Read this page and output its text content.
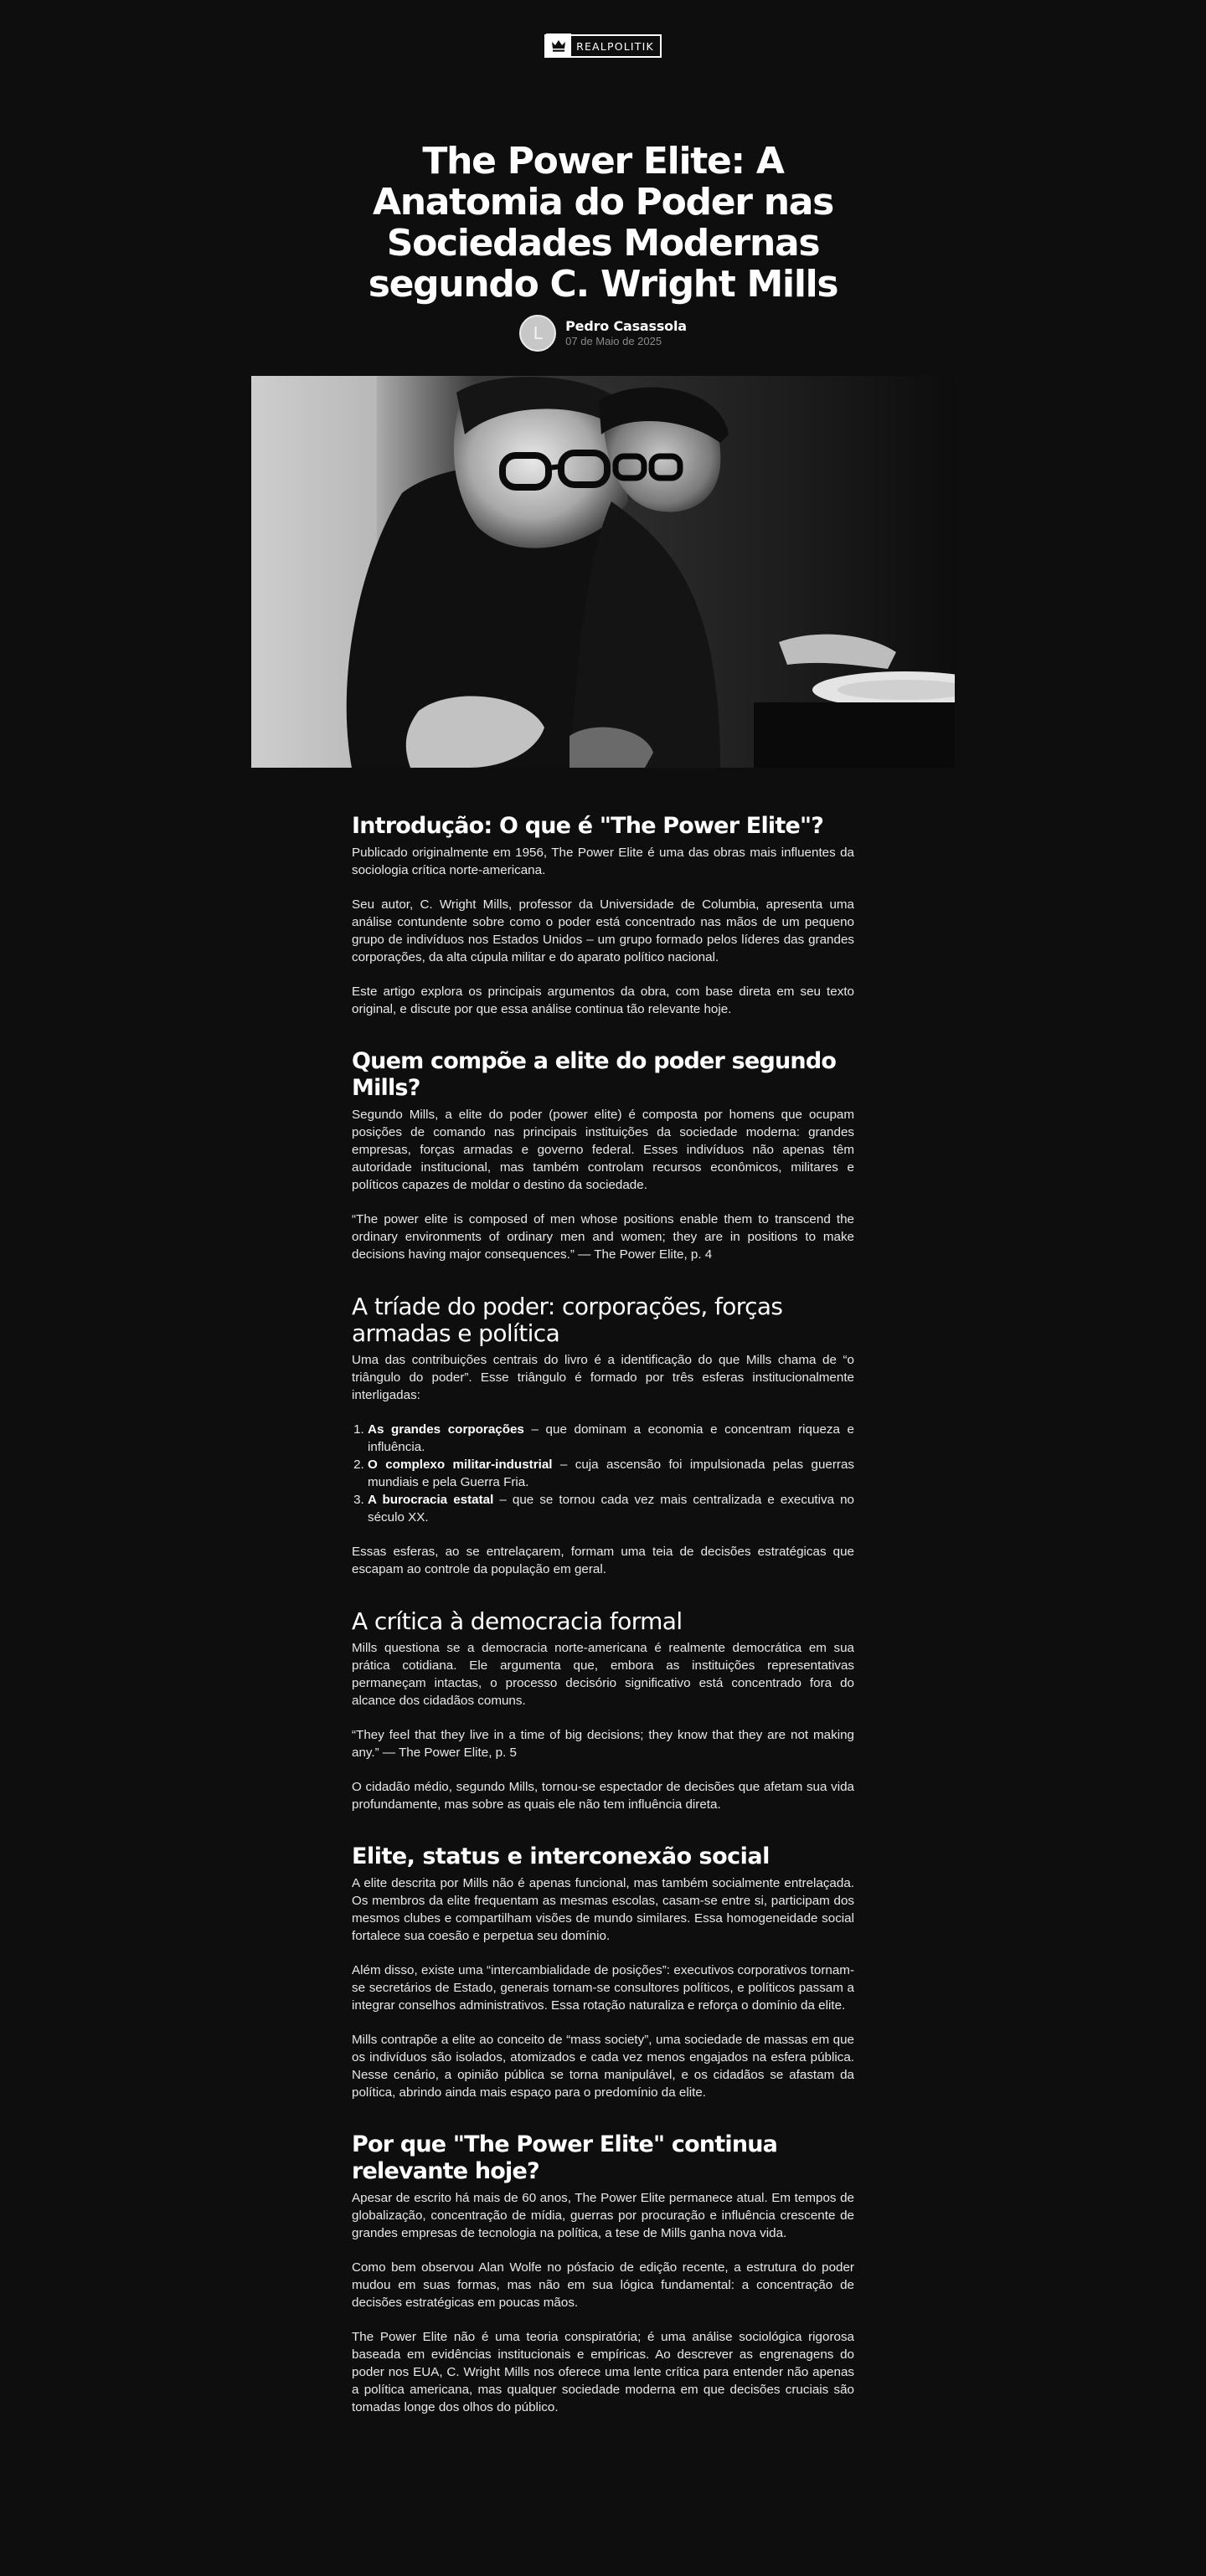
REALPOLITIK
The Power Elite: A Anatomia do Poder nas Sociedades Modernas segundo C. Wright Mills
L	Pedro Casassola
07 de Maio de 2025
Introdução: O que é "The Power Elite"?

Publicado originalmente em 1956, The Power Elite é uma das obras mais influentes da sociologia crítica norte-americana.

Seu autor, C. Wright Mills, professor da Universidade de Columbia, apresenta uma análise contundente sobre como o poder está concentrado nas mãos de um pequeno grupo de indivíduos nos Estados Unidos – um grupo formado pelos líderes das grandes corporações, da alta cúpula militar e do aparato político nacional.

Este artigo explora os principais argumentos da obra, com base direta em seu texto original, e discute por que essa análise continua tão relevante hoje.

Quem compõe a elite do poder segundo Mills?

Segundo Mills, a elite do poder (power elite) é composta por homens que ocupam posições de comando nas principais instituições da sociedade moderna: grandes empresas, forças armadas e governo federal. Esses indivíduos não apenas têm autoridade institucional, mas também controlam recursos econômicos, militares e políticos capazes de moldar o destino da sociedade.

“The power elite is composed of men whose positions enable them to transcend the ordinary environments of ordinary men and women; they are in positions to make decisions having major consequences.” — The Power Elite, p. 4

A tríade do poder: corporações, forças armadas e política

Uma das contribuições centrais do livro é a identificação do que Mills chama de “o triângulo do poder”. Esse triângulo é formado por três esferas institucionalmente interligadas:

1. As grandes corporações – que dominam a economia e concentram riqueza e influência.
2. O complexo militar-industrial – cuja ascensão foi impulsionada pelas guerras mundiais e pela Guerra Fria.
3. A burocracia estatal – que se tornou cada vez mais centralizada e executiva no século XX.

Essas esferas, ao se entrelaçarem, formam uma teia de decisões estratégicas que escapam ao controle da população em geral.

A crítica à democracia formal

Mills questiona se a democracia norte-americana é realmente democrática em sua prática cotidiana. Ele argumenta que, embora as instituições representativas permaneçam intactas, o processo decisório significativo está concentrado fora do alcance dos cidadãos comuns.

“They feel that they live in a time of big decisions; they know that they are not making any.” — The Power Elite, p. 5

O cidadão médio, segundo Mills, tornou-se espectador de decisões que afetam sua vida profundamente, mas sobre as quais ele não tem influência direta.

Elite, status e interconexão social

A elite descrita por Mills não é apenas funcional, mas também socialmente entrelaçada. Os membros da elite frequentam as mesmas escolas, casam-se entre si, participam dos mesmos clubes e compartilham visões de mundo similares. Essa homogeneidade social fortalece sua coesão e perpetua seu domínio.

Além disso, existe uma “intercambialidade de posições”: executivos corporativos tornam-se secretários de Estado, generais tornam-se consultores políticos, e políticos passam a integrar conselhos administrativos. Essa rotação naturaliza e reforça o domínio da elite.

Mills contrapõe a elite ao conceito de “mass society”, uma sociedade de massas em que os indivíduos são isolados, atomizados e cada vez menos engajados na esfera pública. Nesse cenário, a opinião pública se torna manipulável, e os cidadãos se afastam da política, abrindo ainda mais espaço para o predomínio da elite.

Por que "The Power Elite" continua relevante hoje?

Apesar de escrito há mais de 60 anos, The Power Elite permanece atual. Em tempos de globalização, concentração de mídia, guerras por procuração e influência crescente de grandes empresas de tecnologia na política, a tese de Mills ganha nova vida.

Como bem observou Alan Wolfe no pósfacio de edição recente, a estrutura do poder mudou em suas formas, mas não em sua lógica fundamental: a concentração de decisões estratégicas em poucas mãos.

The Power Elite não é uma teoria conspiratória; é uma análise sociológica rigorosa baseada em evidências institucionais e empíricas. Ao descrever as engrenagens do poder nos EUA, C. Wright Mills nos oferece uma lente crítica para entender não apenas a política americana, mas qualquer sociedade moderna em que decisões cruciais são tomadas longe dos olhos do público.
